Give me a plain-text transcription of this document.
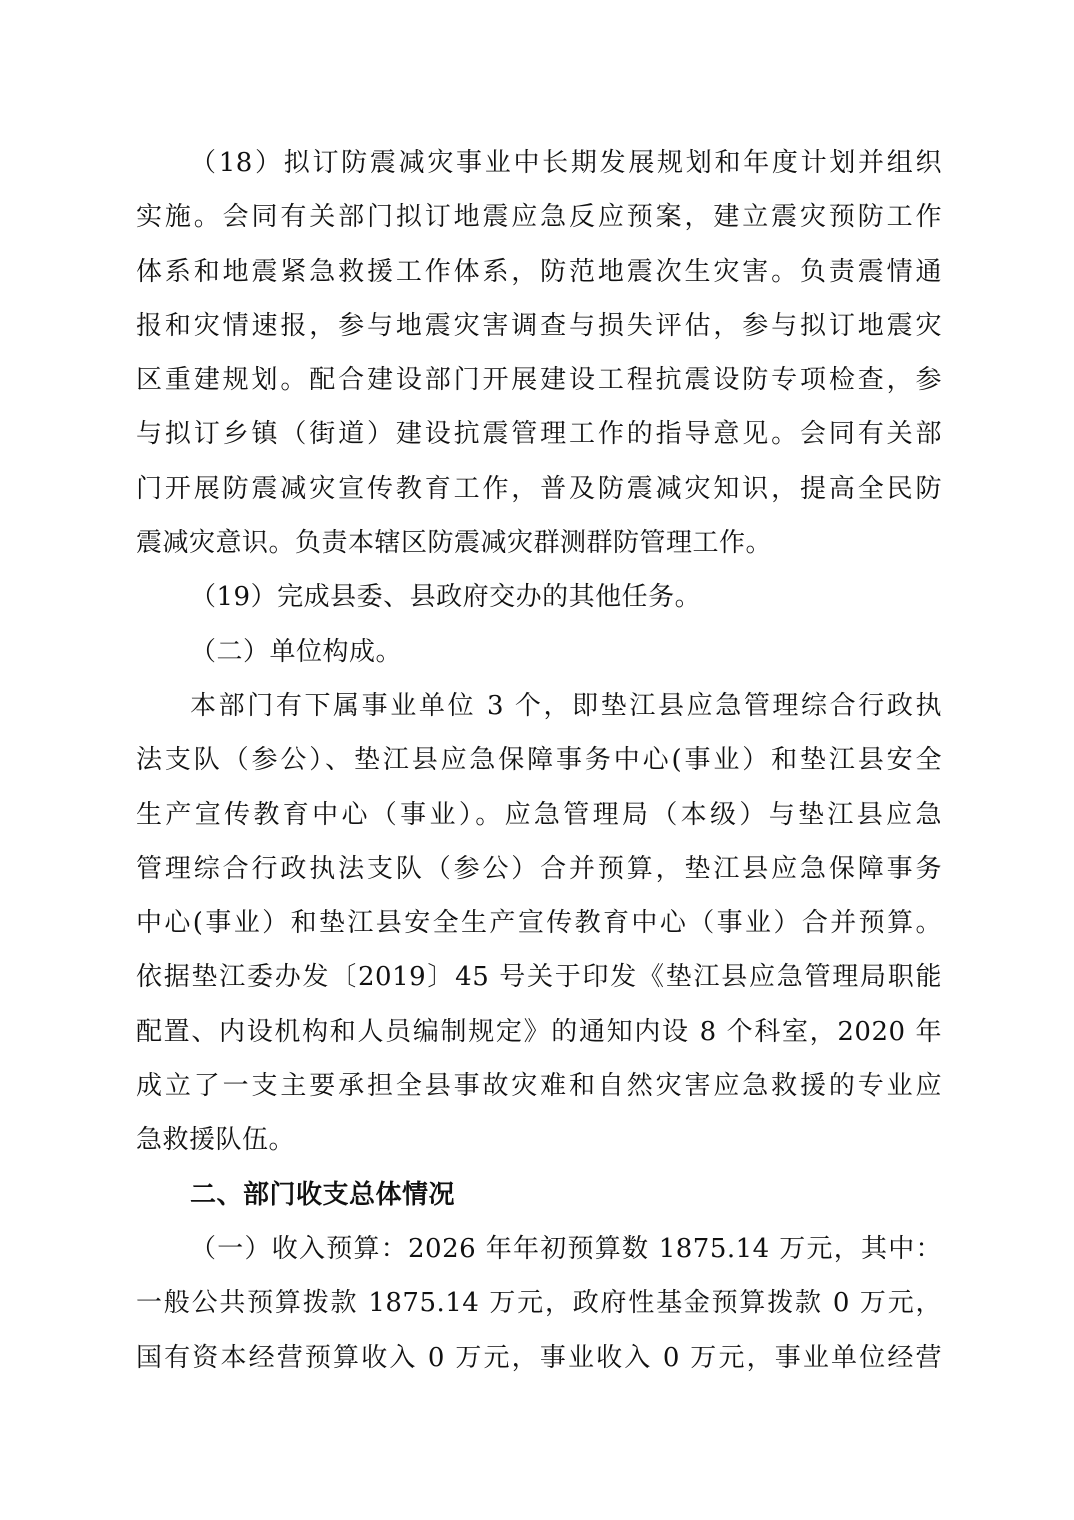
（18）拟订防震减灾事业中长期发展规划和年度计划并组织
实施。会同有关部门拟订地震应急反应预案，建立震灾预防工作
体系和地震紧急救援工作体系，防范地震次生灾害。负责震情通
报和灾情速报，参与地震灾害调查与损失评估，参与拟订地震灾
区重建规划。配合建设部门开展建设工程抗震设防专项检查，参
与拟订乡镇（街道）建设抗震管理工作的指导意见。会同有关部
门开展防震减灾宣传教育工作，普及防震减灾知识，提高全民防
震减灾意识。负责本辖区防震减灾群测群防管理工作。
（19）完成县委、县政府交办的其他任务。
（二）单位构成。
本部门有下属事业单位 3 个，即垫江县应急管理综合行政执
法支队（参公）、垫江县应急保障事务中心(事业）和垫江县安全
生产宣传教育中心（事业）。应急管理局（本级）与垫江县应急
管理综合行政执法支队（参公）合并预算，垫江县应急保障事务
中心(事业）和垫江县安全生产宣传教育中心（事业）合并预算。
依据垫江委办发〔2019〕45 号关于印发《垫江县应急管理局职能
配置、内设机构和人员编制规定》的通知内设 8 个科室，2020 年
成立了一支主要承担全县事故灾难和自然灾害应急救援的专业应
急救援队伍。
二、部门收支总体情况
（一）收入预算：2026 年年初预算数 1875.14 万元，其中：
一般公共预算拨款 1875.14 万元，政府性基金预算拨款 0 万元，
国有资本经营预算收入 0 万元，事业收入 0 万元，事业单位经营
